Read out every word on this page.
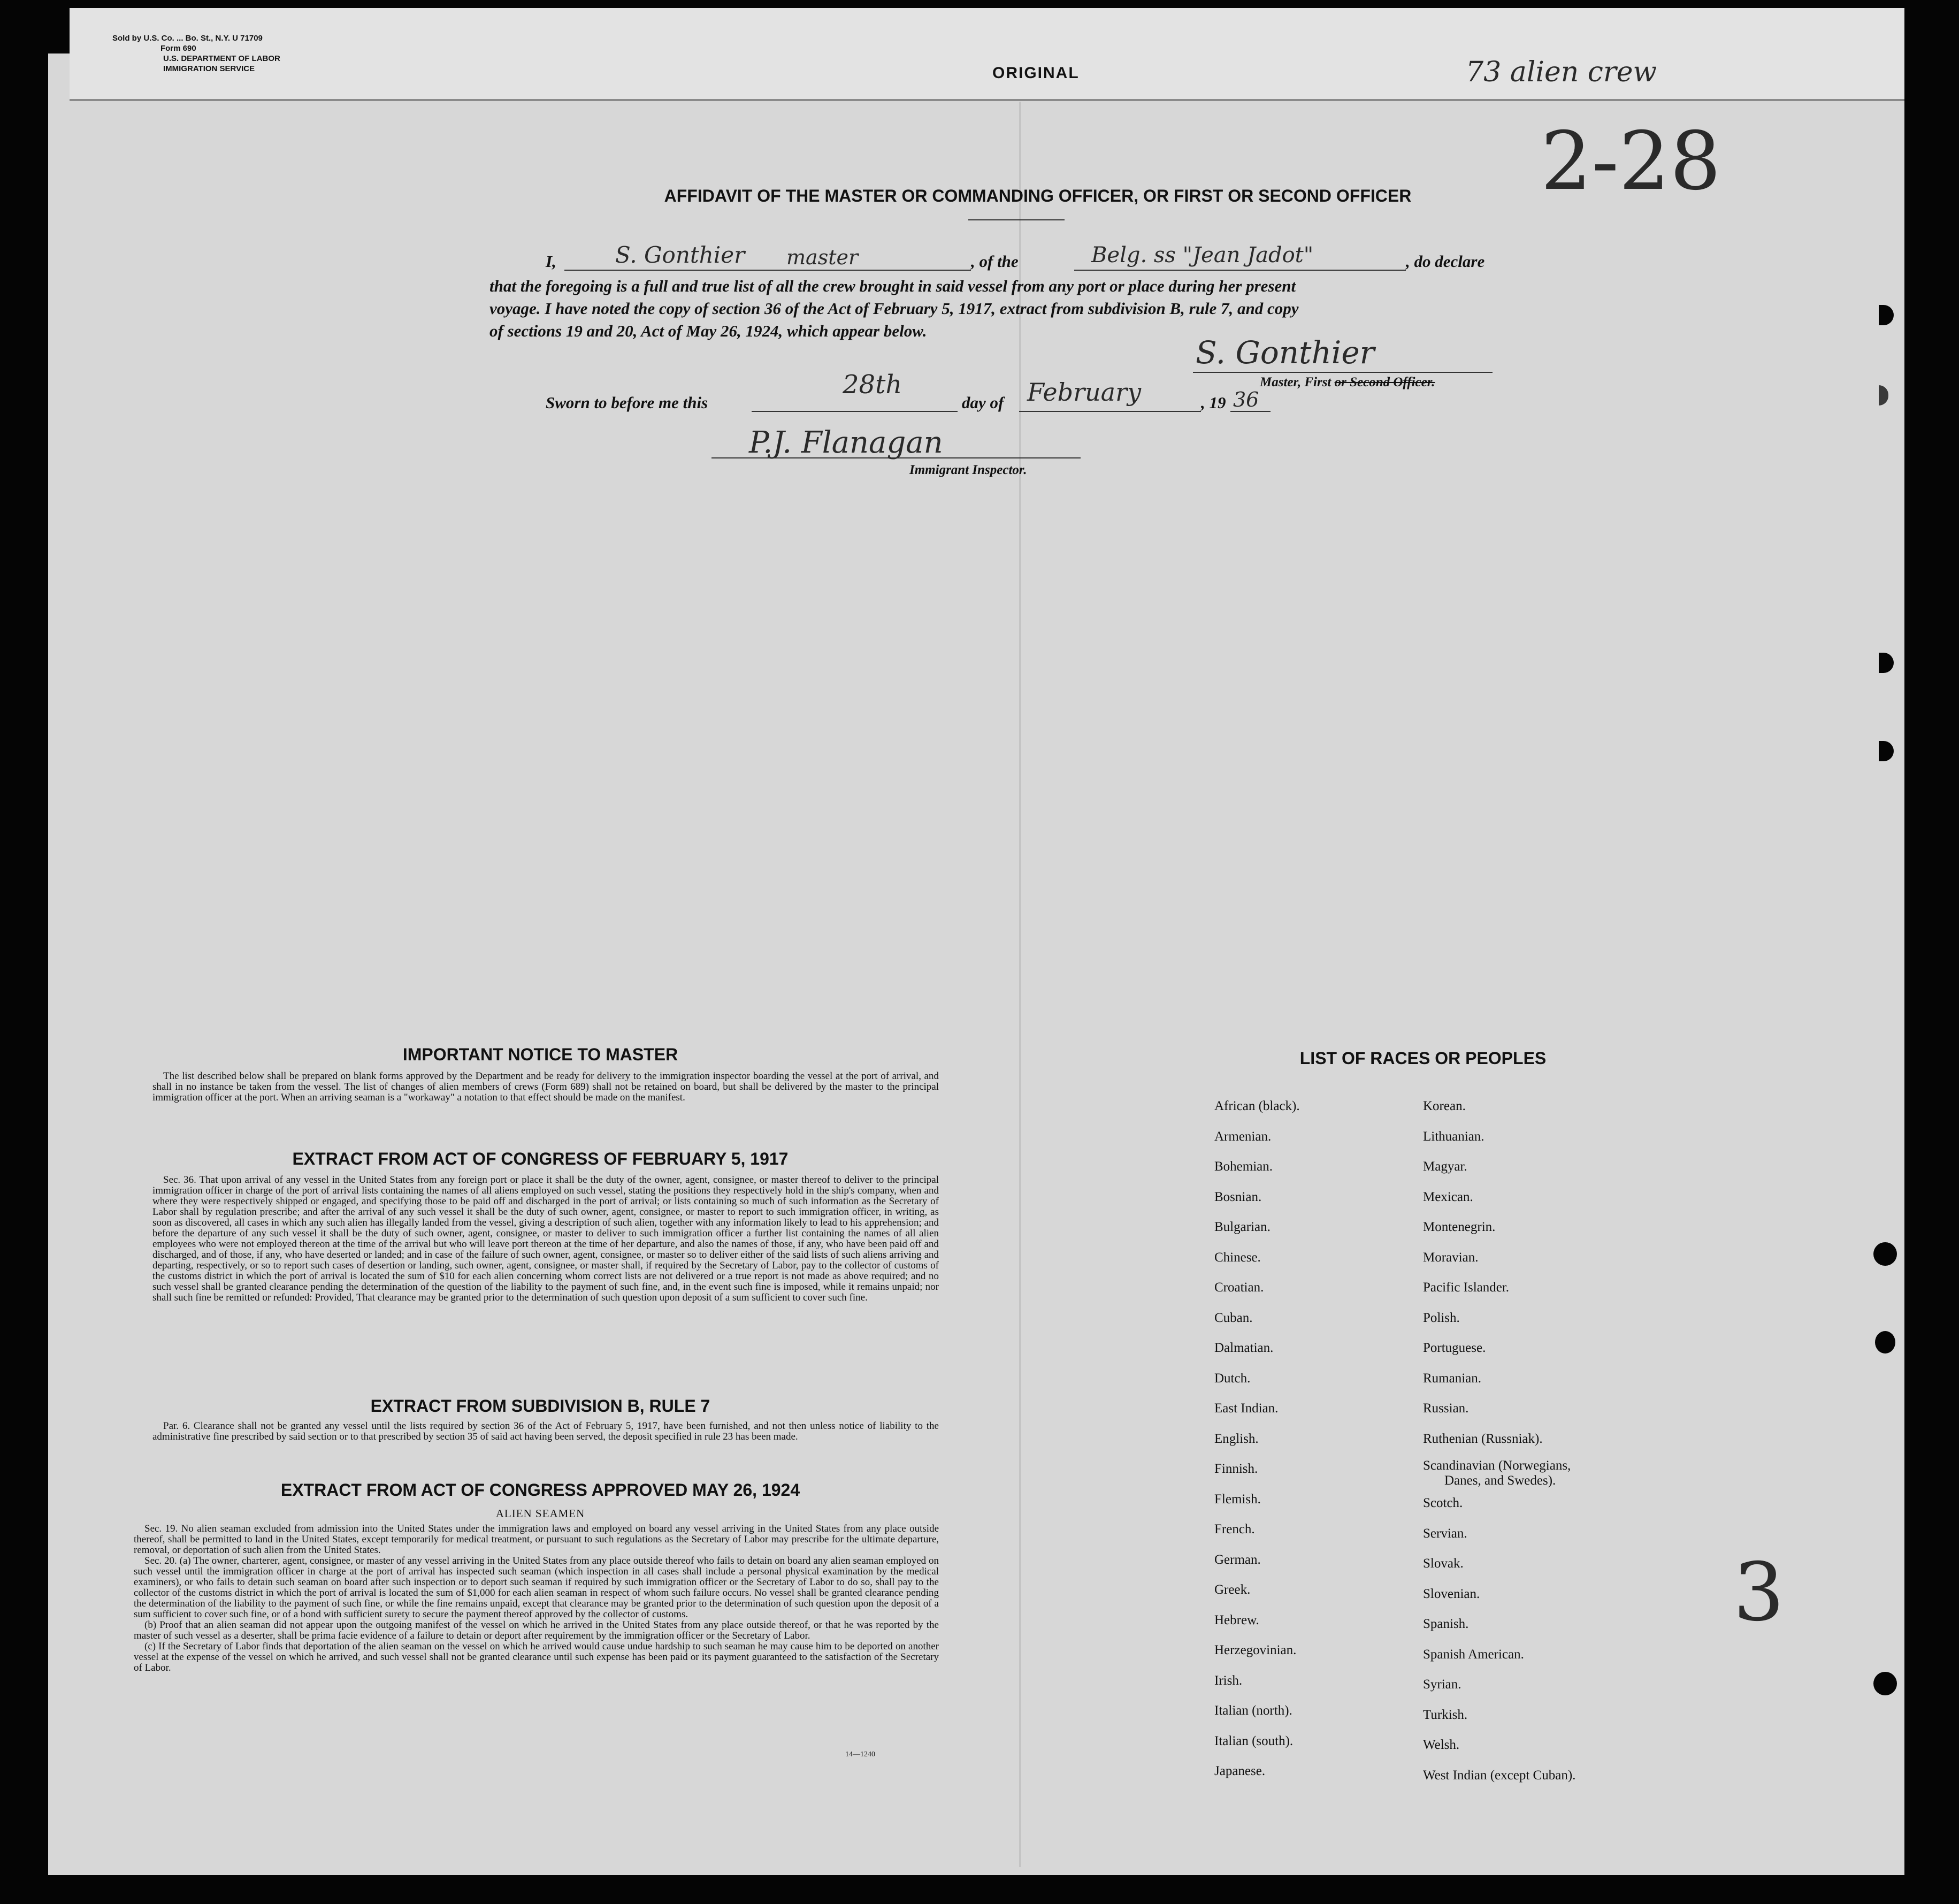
Sold by U.S. Co. ... Bo. St., N.Y. U 71709
Form 690
U.S. DEPARTMENT OF LABOR
IMMIGRATION SERVICE	ORIGINAL	73 alien crew
2-28
AFFIDAVIT OF THE MASTER OR COMMANDING OFFICER, OR FIRST OR SECOND OFFICER
I,	S. Gonthier master	, of the	Belg. ss "Jean Jadot"	, do declare
that the foregoing is a full and true list of all the crew brought in said vessel from any port or place during her present
voyage. I have noted the copy of section 36 of the Act of February 5, 1917, extract from subdivision B, rule 7, and copy
of sections 19 and 20, Act of May 26, 1924, which appear below.
S. Gonthier
Master, First or Second Officer.
Sworn to before me this
28th
day of February	, 19 36
P.J. Flanagan
Immigrant Inspector.
IMPORTANT NOTICE TO MASTER
The list described below shall be prepared on blank forms approved by the Department and be ready for delivery to the immigration inspector boarding the vessel at the port of arrival, and shall in no instance be taken from the vessel. The list of changes of alien members of crews (Form 689) shall not be retained on board, but shall be delivered by the master to the principal immigration officer at the port. When an arriving seaman is a "workaway" a notation to that effect should be made on the manifest.
EXTRACT FROM ACT OF CONGRESS OF FEBRUARY 5, 1917
Sec. 36. That upon arrival of any vessel in the United States from any foreign port or place it shall be the duty of the owner, agent, consignee, or master thereof to deliver to the principal immigration officer in charge of the port of arrival lists containing the names of all aliens employed on such vessel, stating the positions they respectively hold in the ship's company, when and where they were respectively shipped or engaged, and specifying those to be paid off and discharged in the port of arrival; or lists containing so much of such information as the Secretary of Labor shall by regulation prescribe; and after the arrival of any such vessel it shall be the duty of such owner, agent, consignee, or master to report to such immigration officer, in writing, as soon as discovered, all cases in which any such alien has illegally landed from the vessel, giving a description of such alien, together with any information likely to lead to his apprehension; and before the departure of any such vessel it shall be the duty of such owner, agent, consignee, or master to deliver to such immigration officer a further list containing the names of all alien employees who were not employed thereon at the time of the arrival but who will leave port thereon at the time of her departure, and also the names of those, if any, who have been paid off and discharged, and of those, if any, who have deserted or landed; and in case of the failure of such owner, agent, consignee, or master so to deliver either of the said lists of such aliens arriving and departing, respectively, or so to report such cases of desertion or landing, such owner, agent, consignee, or master shall, if required by the Secretary of Labor, pay to the collector of customs of the customs district in which the port of arrival is located the sum of $10 for each alien concerning whom correct lists are not delivered or a true report is not made as above required; and no such vessel shall be granted clearance pending the determination of the question of the liability to the payment of such fine, and, in the event such fine is imposed, while it remains unpaid; nor shall such fine be remitted or refunded: Provided, That clearance may be granted prior to the determination of such question upon deposit of a sum sufficient to cover such fine.
EXTRACT FROM SUBDIVISION B, RULE 7
Par. 6. Clearance shall not be granted any vessel until the lists required by section 36 of the Act of February 5, 1917, have been furnished, and not then unless notice of liability to the administrative fine prescribed by said section or to that prescribed by section 35 of said act having been served, the deposit specified in rule 23 has been made.
EXTRACT FROM ACT OF CONGRESS APPROVED MAY 26, 1924
ALIEN SEAMEN
Sec. 19. No alien seaman excluded from admission into the United States under the immigration laws and employed on board any vessel arriving in the United States from any place outside thereof, shall be permitted to land in the United States, except temporarily for medical treatment, or pursuant to such regulations as the Secretary of Labor may prescribe for the ultimate departure, removal, or deportation of such alien from the United States.
Sec. 20. (a) The owner, charterer, agent, consignee, or master of any vessel arriving in the United States from any place outside thereof who fails to detain on board any alien seaman employed on such vessel until the immigration officer in charge at the port of arrival has inspected such seaman (which inspection in all cases shall include a personal physical examination by the medical examiners), or who fails to detain such seaman on board after such inspection or to deport such seaman if required by such immigration officer or the Secretary of Labor to do so, shall pay to the collector of the customs district in which the port of arrival is located the sum of $1,000 for each alien seaman in respect of whom such failure occurs. No vessel shall be granted clearance pending the determination of the liability to the payment of such fine, or while the fine remains unpaid, except that clearance may be granted prior to the determination of such question upon the deposit of a sum sufficient to cover such fine, or of a bond with sufficient surety to secure the payment thereof approved by the collector of customs.
(b) Proof that an alien seaman did not appear upon the outgoing manifest of the vessel on which he arrived in the United States from any place outside thereof, or that he was reported by the master of such vessel as a deserter, shall be prima facie evidence of a failure to detain or deport after requirement by the immigration officer or the Secretary of Labor.
(c) If the Secretary of Labor finds that deportation of the alien seaman on the vessel on which he arrived would cause undue hardship to such seaman he may cause him to be deported on another vessel at the expense of the vessel on which he arrived, and such vessel shall not be granted clearance until such expense has been paid or its payment guaranteed to the satisfaction of the Secretary of Labor.
14—1240
LIST OF RACES OR PEOPLES
African (black).
Armenian.
Bohemian.
Bosnian.
Bulgarian.
Chinese.
Croatian.
Cuban.
Dalmatian.
Dutch.
East Indian.
English.
Finnish.
Flemish.
French.
German.
Greek.
Hebrew.
Herzegovinian.
Irish.
Italian (north).
Italian (south).
Japanese.
Korean.
Lithuanian.
Magyar.
Mexican.
Montenegrin.
Moravian.
Pacific Islander.
Polish.
Portuguese.
Rumanian.
Russian.
Ruthenian (Russniak).
Scandinavian (Norwegians,
Danes, and Swedes).
Scotch.
Servian.
Slovak.
Slovenian.
Spanish.
Spanish American.
Syrian.
Turkish.
Welsh.
West Indian (except Cuban).
3
